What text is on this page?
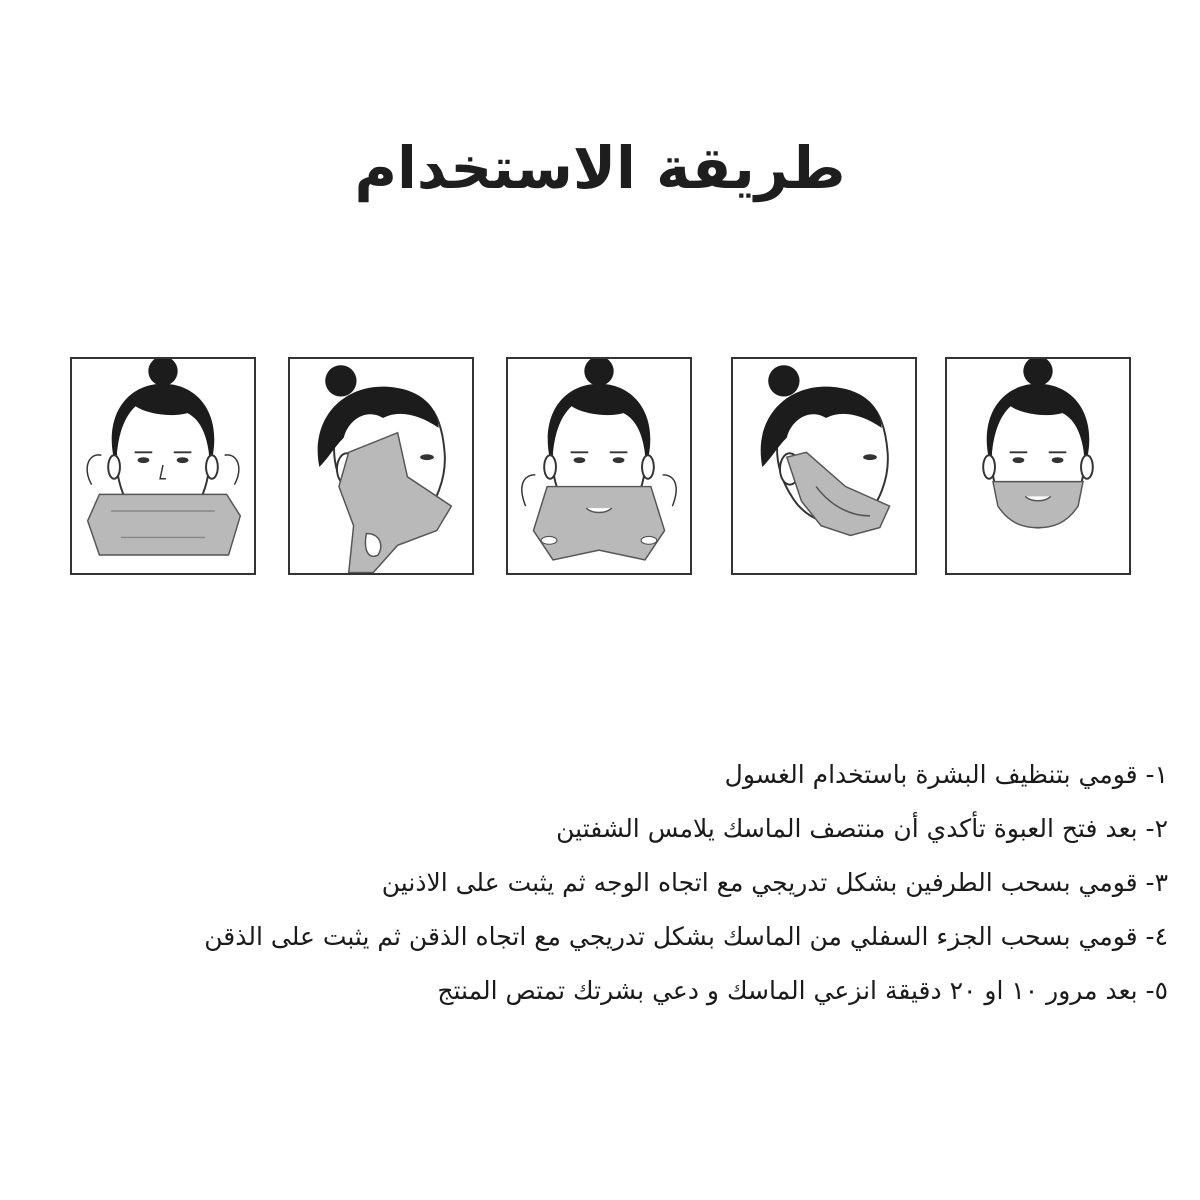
طريقة الاستخدام
١- قومي بتنظيف البشرة باستخدام الغسول
٢- بعد فتح العبوة تأكدي أن منتصف الماسك يلامس الشفتين
٣- قومي بسحب الطرفين بشكل تدريجي مع اتجاه الوجه ثم يثبت على الاذنين
٤- قومي بسحب الجزء السفلي من الماسك بشكل تدريجي مع اتجاه الذقن ثم يثبت على الذقن
٥- بعد مرور ١٠ او ٢٠ دقيقة انزعي الماسك و دعي بشرتك تمتص المنتج
